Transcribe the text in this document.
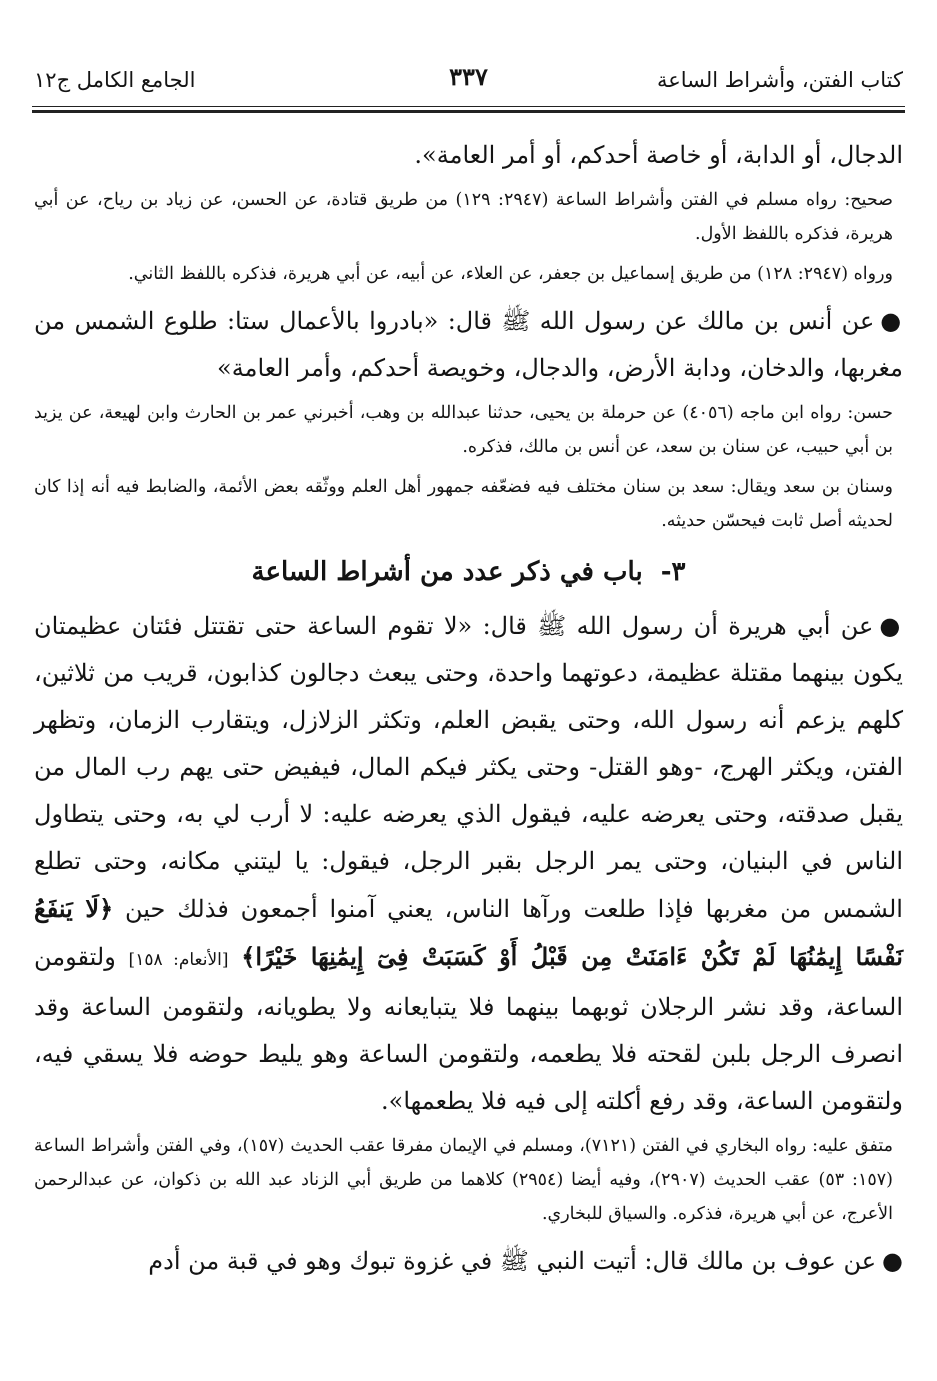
كتاب الفتن، وأشراط الساعة
٣٣٧
الجامع الكامل ج١٢

الدجال، أو الدابة، أو خاصة أحدكم، أو أمر العامة».

صحيح: رواه مسلم في الفتن وأشراط الساعة (٢٩٤٧: ١٢٩) من طريق قتادة، عن الحسن، عن زياد بن رياح، عن أبي هريرة، فذكره باللفظ الأول.

ورواه (٢٩٤٧: ١٢٨) من طريق إسماعيل بن جعفر، عن العلاء، عن أبيه، عن أبي هريرة، فذكره باللفظ الثاني.

●عن أنس بن مالك عن رسول الله ﷺ قال: «بادروا بالأعمال ستا: طلوع الشمس من مغربها، والدخان، ودابة الأرض، والدجال، وخويصة أحدكم، وأمر العامة»

حسن: رواه ابن ماجه (٤٠٥٦) عن حرملة بن يحيى، حدثنا عبدالله بن وهب، أخبرني عمر بن الحارث وابن لهيعة، عن يزيد بن أبي حبيب، عن سنان بن سعد، عن أنس بن مالك، فذكره.

وسنان بن سعد ويقال: سعد بن سنان مختلف فيه فضعّفه جمهور أهل العلم ووثّقه بعض الأئمة، والضابط فيه أنه إذا كان لحديثه أصل ثابت فيحسّن حديثه.

٣-باب في ذكر عدد من أشراط الساعة

●عن أبي هريرة أن رسول الله ﷺ قال: «لا تقوم الساعة حتى تقتتل فئتان عظيمتان يكون بينهما مقتلة عظيمة، دعوتهما واحدة، وحتى يبعث دجالون كذابون، قريب من ثلاثين، كلهم يزعم أنه رسول الله، وحتى يقبض العلم، وتكثر الزلازل، ويتقارب الزمان، وتظهر الفتن، ويكثر الهرج، -وهو القتل- وحتى يكثر فيكم المال، فيفيض حتى يهم رب المال من يقبل صدقته، وحتى يعرضه عليه، فيقول الذي يعرضه عليه: لا أرب لي به، وحتى يتطاول الناس في البنيان، وحتى يمر الرجل بقبر الرجل، فيقول: يا ليتني مكانه، وحتى تطلع الشمس من مغربها فإذا طلعت ورآها الناس، يعني آمنوا أجمعون فذلك حين ﴿لَا يَنفَعُ نَفْسًا إِيمَٰنُهَا لَمْ تَكُنْ ءَامَنَتْ مِن قَبْلُ أَوْ كَسَبَتْ فِىٓ إِيمَٰنِهَا خَيْرًا﴾ [الأنعام: ١٥٨] ولتقومن الساعة، وقد نشر الرجلان ثوبهما بينهما فلا يتبايعانه ولا يطويانه، ولتقومن الساعة وقد انصرف الرجل بلبن لقحته فلا يطعمه، ولتقومن الساعة وهو يليط حوضه فلا يسقي فيه، ولتقومن الساعة، وقد رفع أكلته إلى فيه فلا يطعمها».

متفق عليه: رواه البخاري في الفتن (٧١٢١)، ومسلم في الإيمان مفرقا عقب الحديث (١٥٧)، وفي الفتن وأشراط الساعة (١٥٧: ٥٣) عقب الحديث (٢٩٠٧)، وفيه أيضا (٢٩٥٤) كلاهما من طريق أبي الزناد عبد الله بن ذكوان، عن عبدالرحمن الأعرج، عن أبي هريرة، فذكره. والسياق للبخاري.

●عن عوف بن مالك قال: أتيت النبي ﷺ في غزوة تبوك وهو في قبة من أدم
